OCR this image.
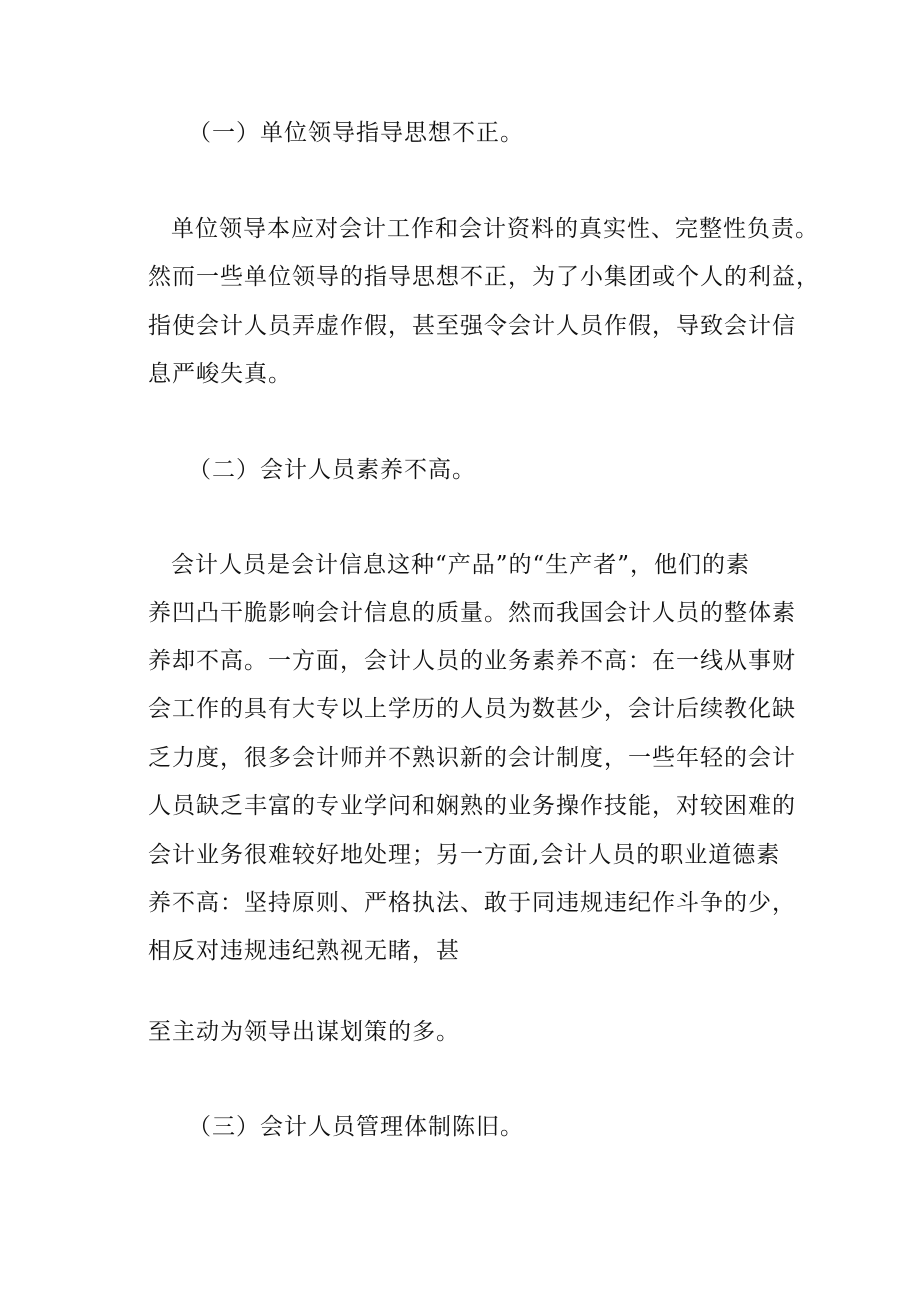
（一）单位领导指导思想不正。
单位领导本应对会计工作和会计资料的真实性、完整性负责。
然而一些单位领导的指导思想不正，为了小集团或个人的利益，
指使会计人员弄虚作假，甚至强令会计人员作假，导致会计信
息严峻失真。
（二）会计人员素养不高。
会计人员是会计信息这种“产品”的“生产者”，他们的素
养凹凸干脆影响会计信息的质量。然而我国会计人员的整体素
养却不高。一方面，会计人员的业务素养不高：在一线从事财
会工作的具有大专以上学历的人员为数甚少，会计后续教化缺
乏力度，很多会计师并不熟识新的会计制度，一些年轻的会计
人员缺乏丰富的专业学问和娴熟的业务操作技能，对较困难的
会计业务很难较好地处理；另一方面,会计人员的职业道德素
养不高：坚持原则、严格执法、敢于同违规违纪作斗争的少，
相反对违规违纪熟视无睹，甚
至主动为领导出谋划策的多。
（三）会计人员管理体制陈旧。
